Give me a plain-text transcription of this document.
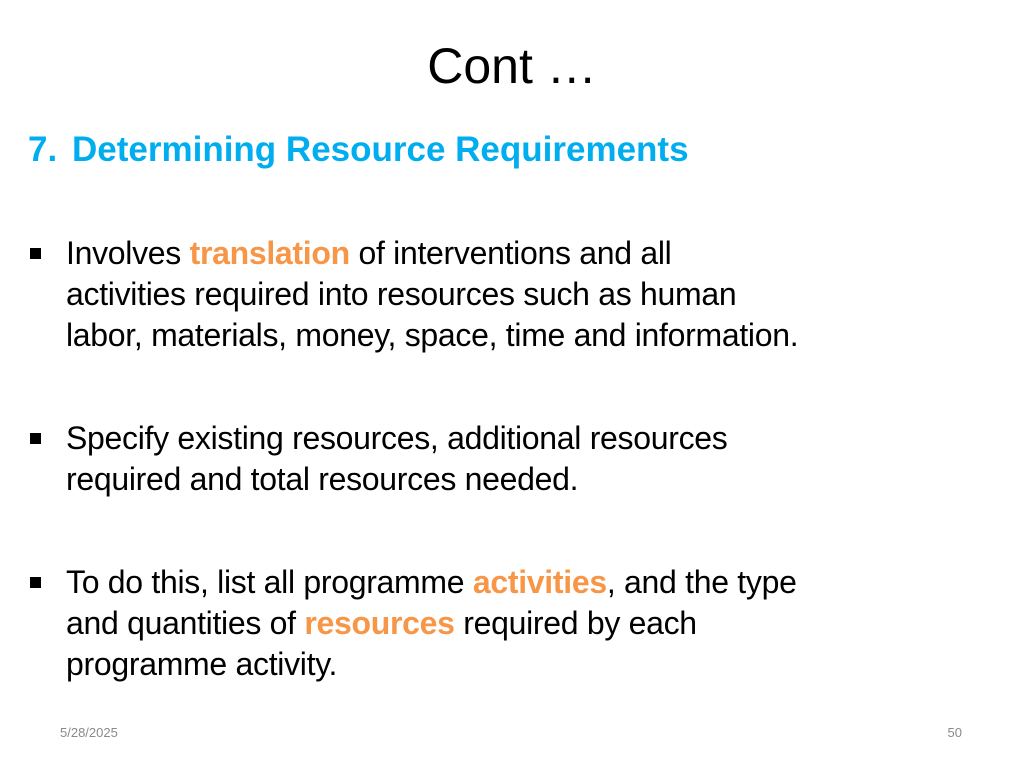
Cont …
7. Determining Resource Requirements
Involves translation of interventions and all
activities required into resources such as human
labor, materials, money, space, time and information.
Specify existing resources, additional resources
required and total resources needed.
To do this, list all programme activities, and the type
and quantities of resources required by each
programme activity.
5/28/2025	50
